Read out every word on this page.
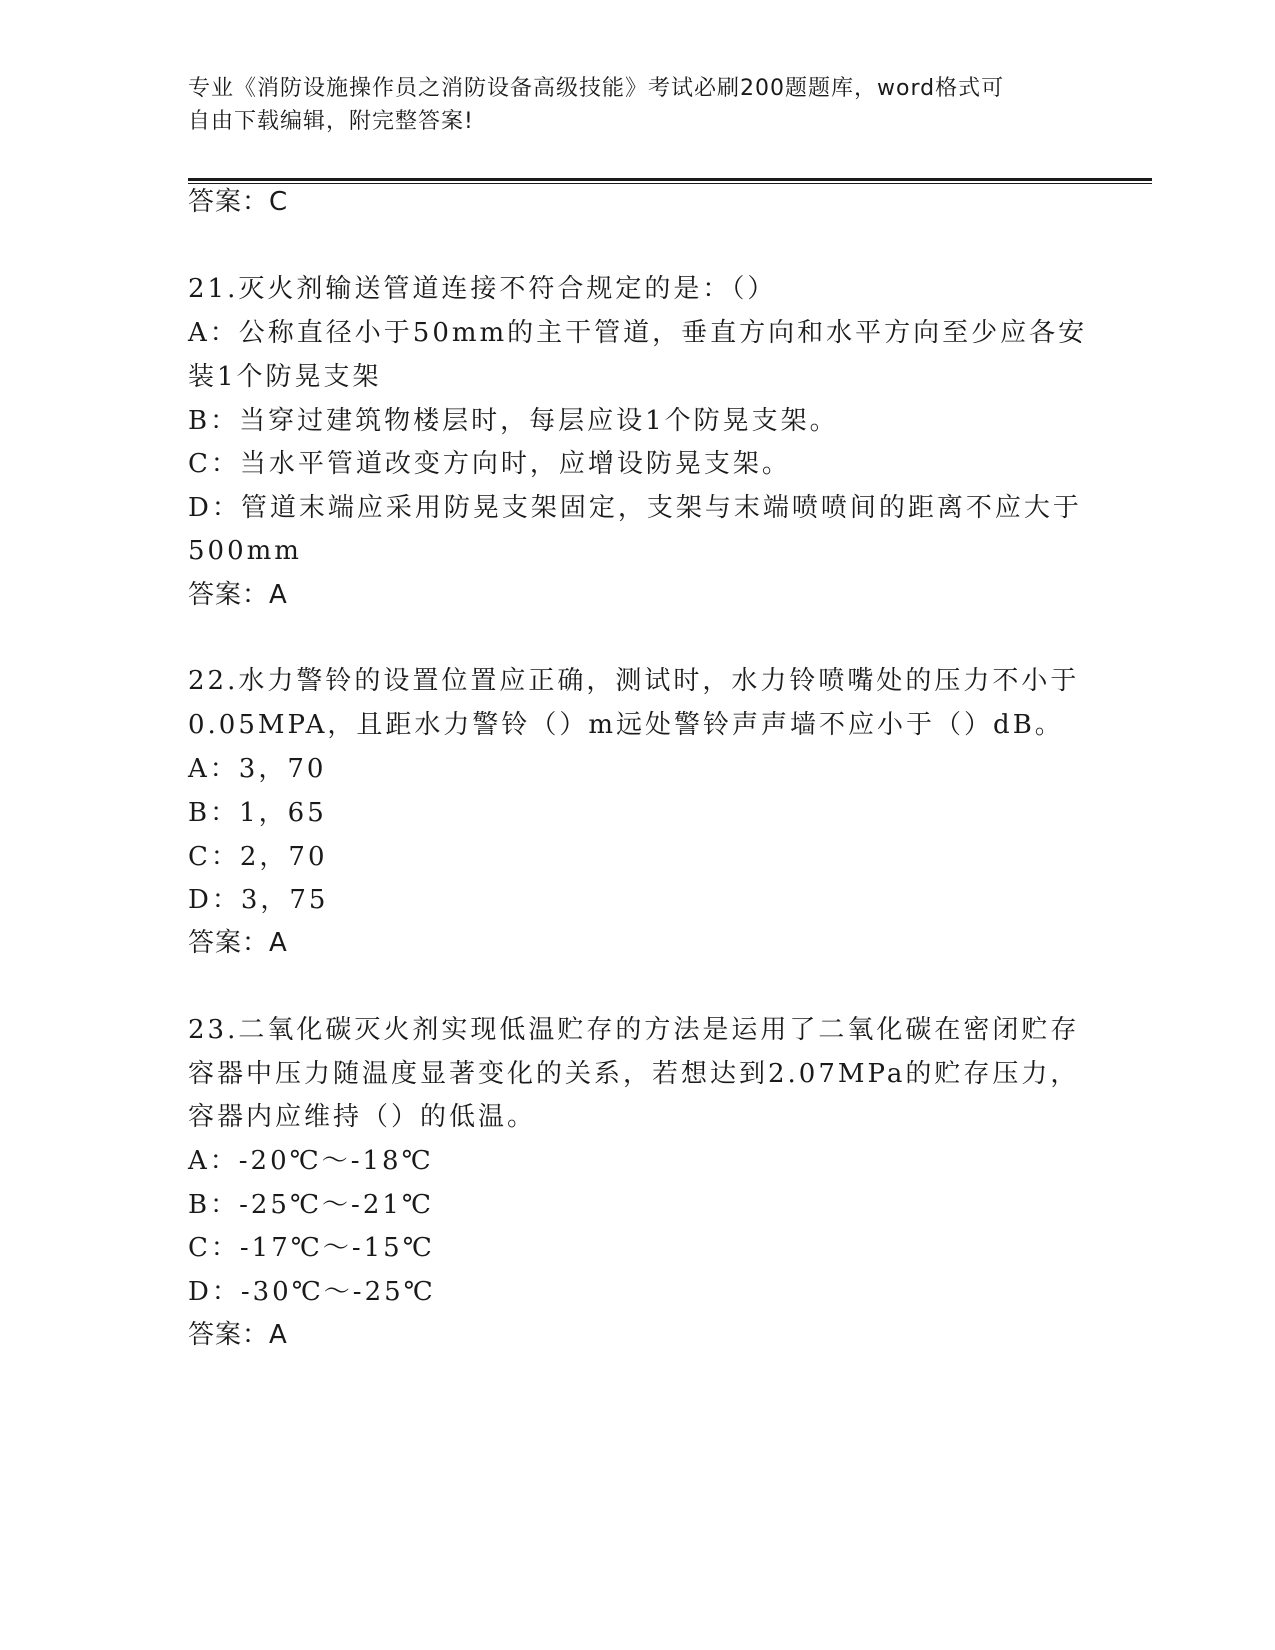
专业《消防设施操作员之消防设备高级技能》考试必刷200题题库，word格式可
自由下载编辑，附完整答案!
答案：C
21.灭火剂输送管道连接不符合规定的是：（）
A：公称直径小于50mm的主干管道，垂直方向和水平方向至少应各安
装1个防晃支架
B：当穿过建筑物楼层时，每层应设1个防晃支架。
C：当水平管道改变方向时，应增设防晃支架。
D：管道末端应采用防晃支架固定，支架与末端喷喷间的距离不应大于
500mm
答案：A
22.水力警铃的设置位置应正确，测试时，水力铃喷嘴处的压力不小于
0.05MPA，且距水力警铃（）m远处警铃声声墙不应小于（）dB。
A：3，70
B：1，65
C：2，70
D：3，75
答案：A
23.二氧化碳灭火剂实现低温贮存的方法是运用了二氧化碳在密闭贮存
容器中压力随温度显著变化的关系，若想达到2.07MPa的贮存压力，
容器内应维持（）的低温。
A：-20℃～-18℃
B：-25℃～-21℃
C：-17℃～-15℃
D：-30℃～-25℃
答案：A
